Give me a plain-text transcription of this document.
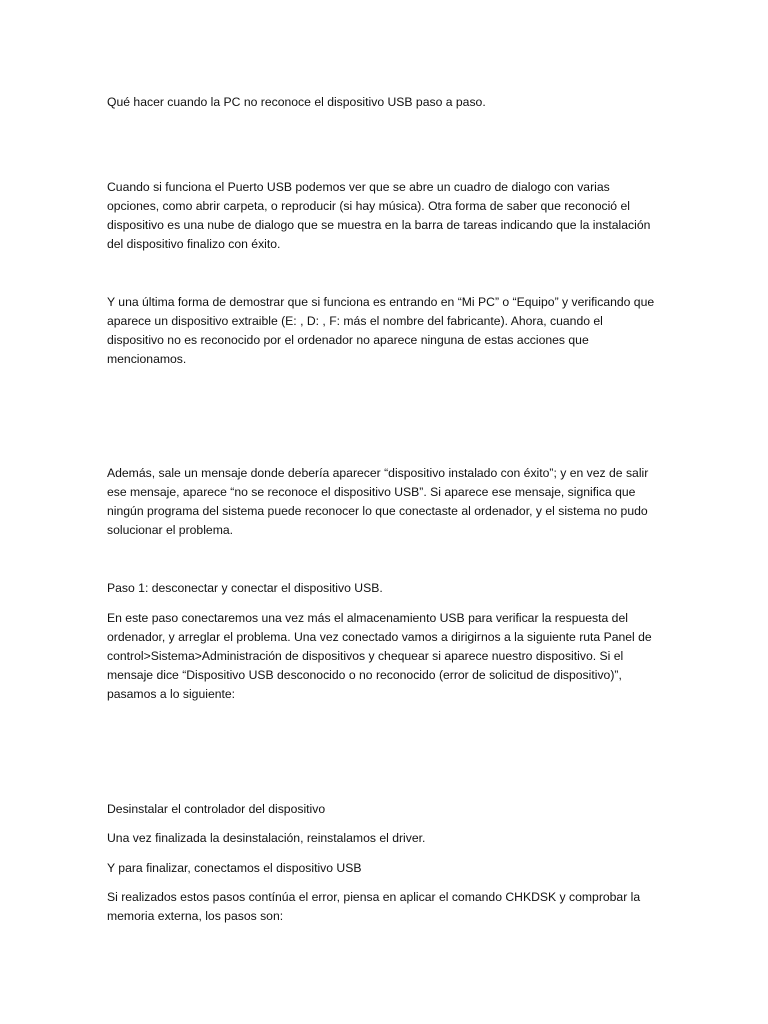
Qué hacer cuando la PC no reconoce el dispositivo USB paso a paso.

Cuando si funciona el Puerto USB podemos ver que se abre un cuadro de dialogo con varias opciones, como abrir carpeta, o reproducir (si hay música). Otra forma de saber que reconoció el dispositivo es una nube de dialogo que se muestra en la barra de tareas indicando que la instalación del dispositivo finalizo con éxito.

Y una última forma de demostrar que si funciona es entrando en “Mi PC” o “Equipo” y verificando que aparece un dispositivo extraible (E: , D: , F: más el nombre del fabricante). Ahora, cuando el dispositivo no es reconocido por el ordenador no aparece ninguna de estas acciones que mencionamos.

Además, sale un mensaje donde debería aparecer “dispositivo instalado con éxito”; y en vez de salir ese mensaje, aparece “no se reconoce el dispositivo USB”. Si aparece ese mensaje, significa que ningún programa del sistema puede reconocer lo que conectaste al ordenador, y el sistema no pudo solucionar el problema.

Paso 1: desconectar y conectar el dispositivo USB.

En este paso conectaremos una vez más el almacenamiento USB para verificar la respuesta del ordenador, y arreglar el problema. Una vez conectado vamos a dirigirnos a la siguiente ruta Panel de control>Sistema>Administración de dispositivos y chequear si aparece nuestro dispositivo. Si el mensaje dice “Dispositivo USB desconocido o no reconocido (error de solicitud de dispositivo)”, pasamos a lo siguiente:

Desinstalar el controlador del dispositivo

Una vez finalizada la desinstalación, reinstalamos el driver.

Y para finalizar, conectamos el dispositivo USB

Si realizados estos pasos contínúa el error, piensa en aplicar el comando CHKDSK y comprobar la memoria externa, los pasos son:
